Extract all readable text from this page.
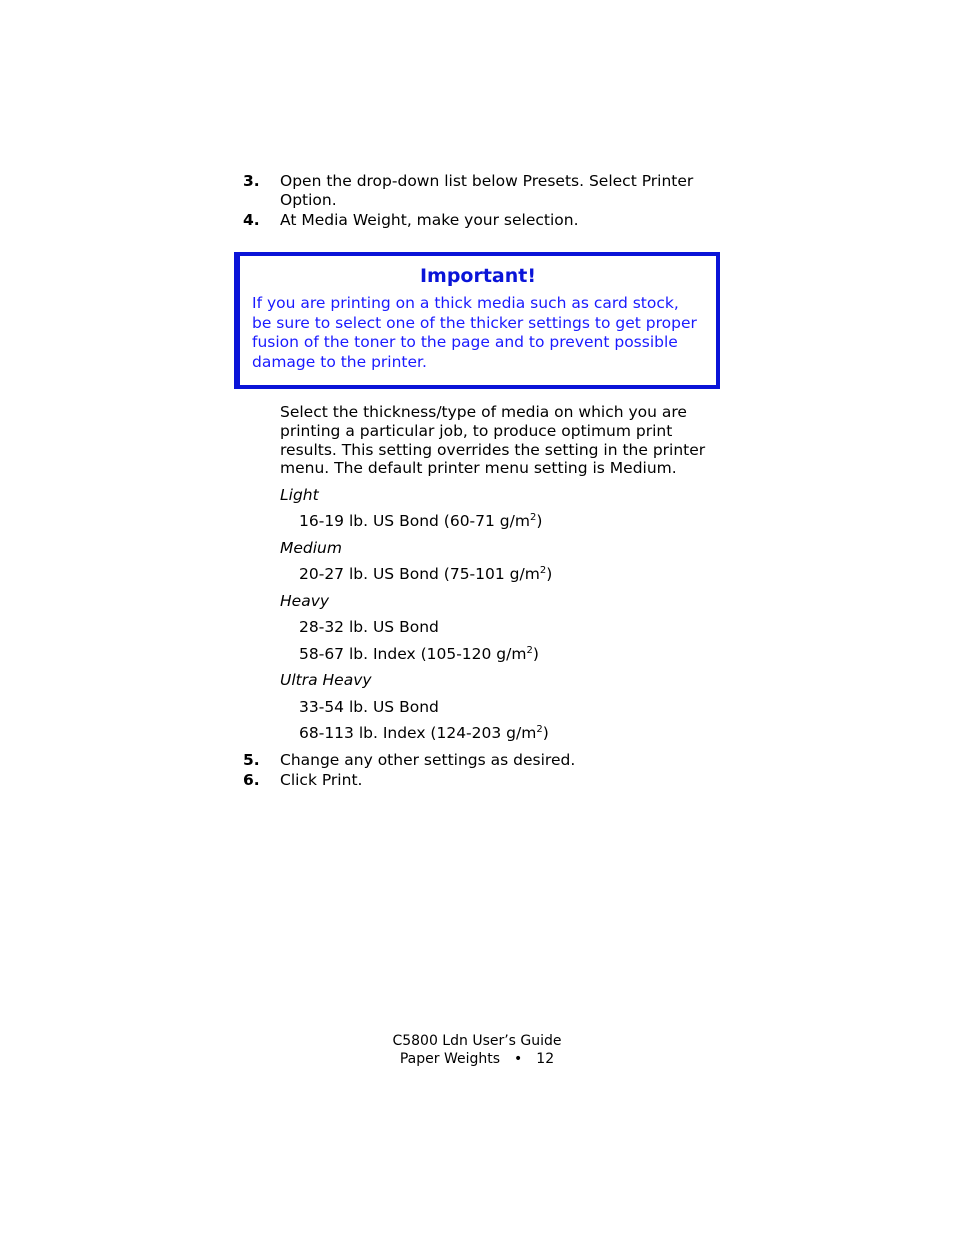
3. Open the drop-down list below Presets. Select Printer Option.
4. At Media Weight, make your selection.
Important!
If you are printing on a thick media such as card stock, be sure to select one of the thicker settings to get proper fusion of the toner to the page and to prevent possible damage to the printer.
Select the thickness/type of media on which you are printing a particular job, to produce optimum print results. This setting overrides the setting in the printer menu. The default printer menu setting is Medium.
Light
16-19 lb. US Bond (60-71 $g/m^2$)
Medium
20-27 lb. US Bond (75-101 $g/m^2$)
Heavy
28-32 lb. US Bond
58-67 lb. Index (105-120 $g/m^2$)
Ultra Heavy
33-54 lb. US Bond
68-113 lb. Index (124-203 $g/m^2$)
5. Change any other settings as desired.
6. Click Print.
C5800 Ldn User’s Guide
Paper Weights • 12
